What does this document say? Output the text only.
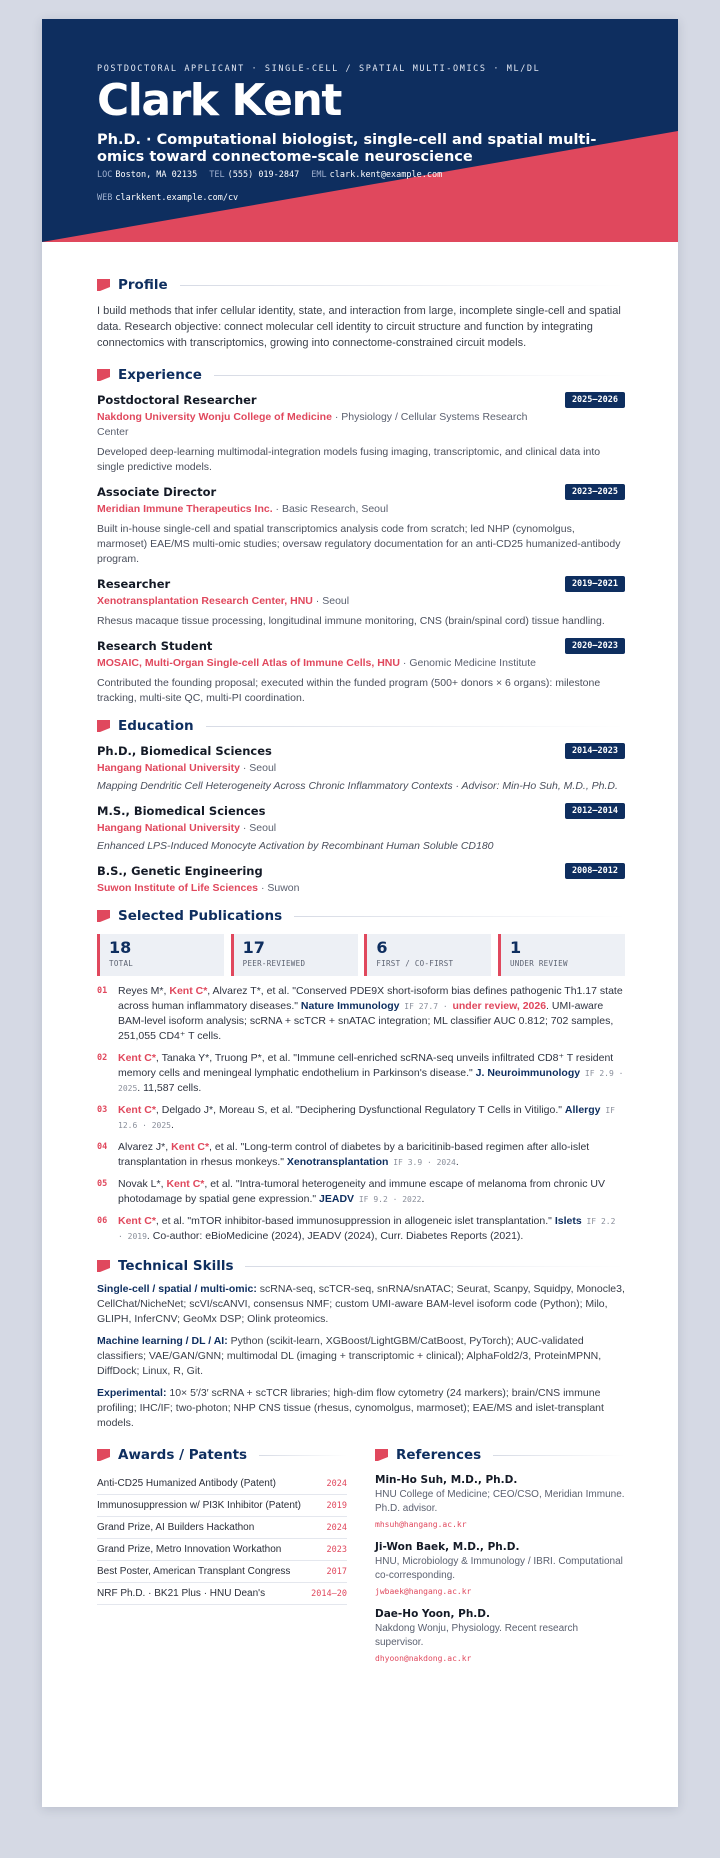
POSTDOCTORAL APPLICANT · SINGLE-CELL / SPATIAL MULTI-OMICS · ML/DL
Clark Kent
Ph.D. · Computational biologist, single-cell and spatial multi-omics toward connectome-scale neuroscience
LOC Boston, MA 02135 TEL (555) 019-2847 EML clark.kent@example.com
WEB clarkkent.example.com/cv
Profile

I build methods that infer cellular identity, state, and interaction from large, incomplete single-cell and spatial data. Research objective: connect molecular cell identity to circuit structure and function by integrating connectomics with transcriptomics, growing into connectome-constrained circuit models.

Experience
Postdoctoral Researcher	2025–2026
Nakdong University Wonju College of Medicine · Physiology / Cellular Systems Research Center
Developed deep-learning multimodal-integration models fusing imaging, transcriptomic, and clinical data into single predictive models.
Associate Director	2023–2025
Meridian Immune Therapeutics Inc. · Basic Research, Seoul
Built in-house single-cell and spatial transcriptomics analysis code from scratch; led NHP (cynomolgus, marmoset) EAE/MS multi-omic studies; oversaw regulatory documentation for an anti-CD25 humanized-antibody program.
Researcher	2019–2021
Xenotransplantation Research Center, HNU · Seoul
Rhesus macaque tissue processing, longitudinal immune monitoring, CNS (brain/spinal cord) tissue handling.
Research Student	2020–2023
MOSAIC, Multi-Organ Single-cell Atlas of Immune Cells, HNU · Genomic Medicine Institute
Contributed the founding proposal; executed within the funded program (500+ donors × 6 organs): milestone tracking, multi-site QC, multi-PI coordination.
Education
Ph.D., Biomedical Sciences	2014–2023
Hangang National University · Seoul
Mapping Dendritic Cell Heterogeneity Across Chronic Inflammatory Contexts · Advisor: Min-Ho Suh, M.D., Ph.D.
M.S., Biomedical Sciences	2012–2014
Hangang National University · Seoul
Enhanced LPS-Induced Monocyte Activation by Recombinant Human Soluble CD180
B.S., Genetic Engineering	2008–2012
Suwon Institute of Life Sciences · Suwon
Selected Publications
18
TOTAL
17
PEER-REVIEWED
6
FIRST / CO-FIRST
1
UNDER REVIEW
01 Reyes M*, Kent C*, Alvarez T*, et al. "Conserved PDE9X short-isoform bias defines pathogenic Th1.17 state across human inflammatory diseases." Nature Immunology IF 27.7 · under review, 2026. UMI-aware BAM-level isoform analysis; scRNA + scTCR + snATAC integration; ML classifier AUC 0.812; 702 samples, 251,055 CD4⁺ T cells.
02 Kent C*, Tanaka Y*, Truong P*, et al. "Immune cell-enriched scRNA-seq unveils infiltrated CD8⁺ T resident memory cells and meningeal lymphatic endothelium in Parkinson's disease." J. Neuroimmunology IF 2.9 · 2025. 11,587 cells.
03 Kent C*, Delgado J*, Moreau S, et al. "Deciphering Dysfunctional Regulatory T Cells in Vitiligo." Allergy IF 12.6 · 2025.
04 Alvarez J*, Kent C*, et al. "Long-term control of diabetes by a baricitinib-based regimen after allo-islet transplantation in rhesus monkeys." Xenotransplantation IF 3.9 · 2024.
05 Novak L*, Kent C*, et al. "Intra-tumoral heterogeneity and immune escape of melanoma from chronic UV photodamage by spatial gene expression." JEADV IF 9.2 · 2022.
06 Kent C*, et al. "mTOR inhibitor-based immunosuppression in allogeneic islet transplantation." Islets IF 2.2 · 2019. Co-author: eBioMedicine (2024), JEADV (2024), Curr. Diabetes Reports (2021).
Technical Skills
Single-cell / spatial / multi-omic: scRNA-seq, scTCR-seq, snRNA/snATAC; Seurat, Scanpy, Squidpy, Monocle3, CellChat/NicheNet; scVI/scANVI, consensus NMF; custom UMI-aware BAM-level isoform code (Python); Milo, GLIPH, InferCNV; GeoMx DSP; Olink proteomics.
Machine learning / DL / AI: Python (scikit-learn, XGBoost/LightGBM/CatBoost, PyTorch); AUC-validated classifiers; VAE/GAN/GNN; multimodal DL (imaging + transcriptomic + clinical); AlphaFold2/3, ProteinMPNN, DiffDock; Linux, R, Git.
Experimental: 10× 5′/3′ scRNA + scTCR libraries; high-dim flow cytometry (24 markers); brain/CNS immune profiling; IHC/IF; two-photon; NHP CNS tissue (rhesus, cynomolgus, marmoset); EAE/MS and islet-transplant models.
Awards / Patents
Anti-CD25 Humanized Antibody (Patent)	2024
Immunosuppression w/ PI3K Inhibitor (Patent)	2019
Grand Prize, AI Builders Hackathon	2024
Grand Prize, Metro Innovation Workathon	2023
Best Poster, American Transplant Congress	2017
NRF Ph.D. · BK21 Plus · HNU Dean's	2014–20
References
Min-Ho Suh, M.D., Ph.D.
HNU College of Medicine; CEO/CSO, Meridian Immune. Ph.D. advisor.
mhsuh@hangang.ac.kr
Ji-Won Baek, M.D., Ph.D.
HNU, Microbiology & Immunology / IBRI. Computational co-corresponding.
jwbaek@hangang.ac.kr
Dae-Ho Yoon, Ph.D.
Nakdong Wonju, Physiology. Recent research supervisor.
dhyoon@nakdong.ac.kr
